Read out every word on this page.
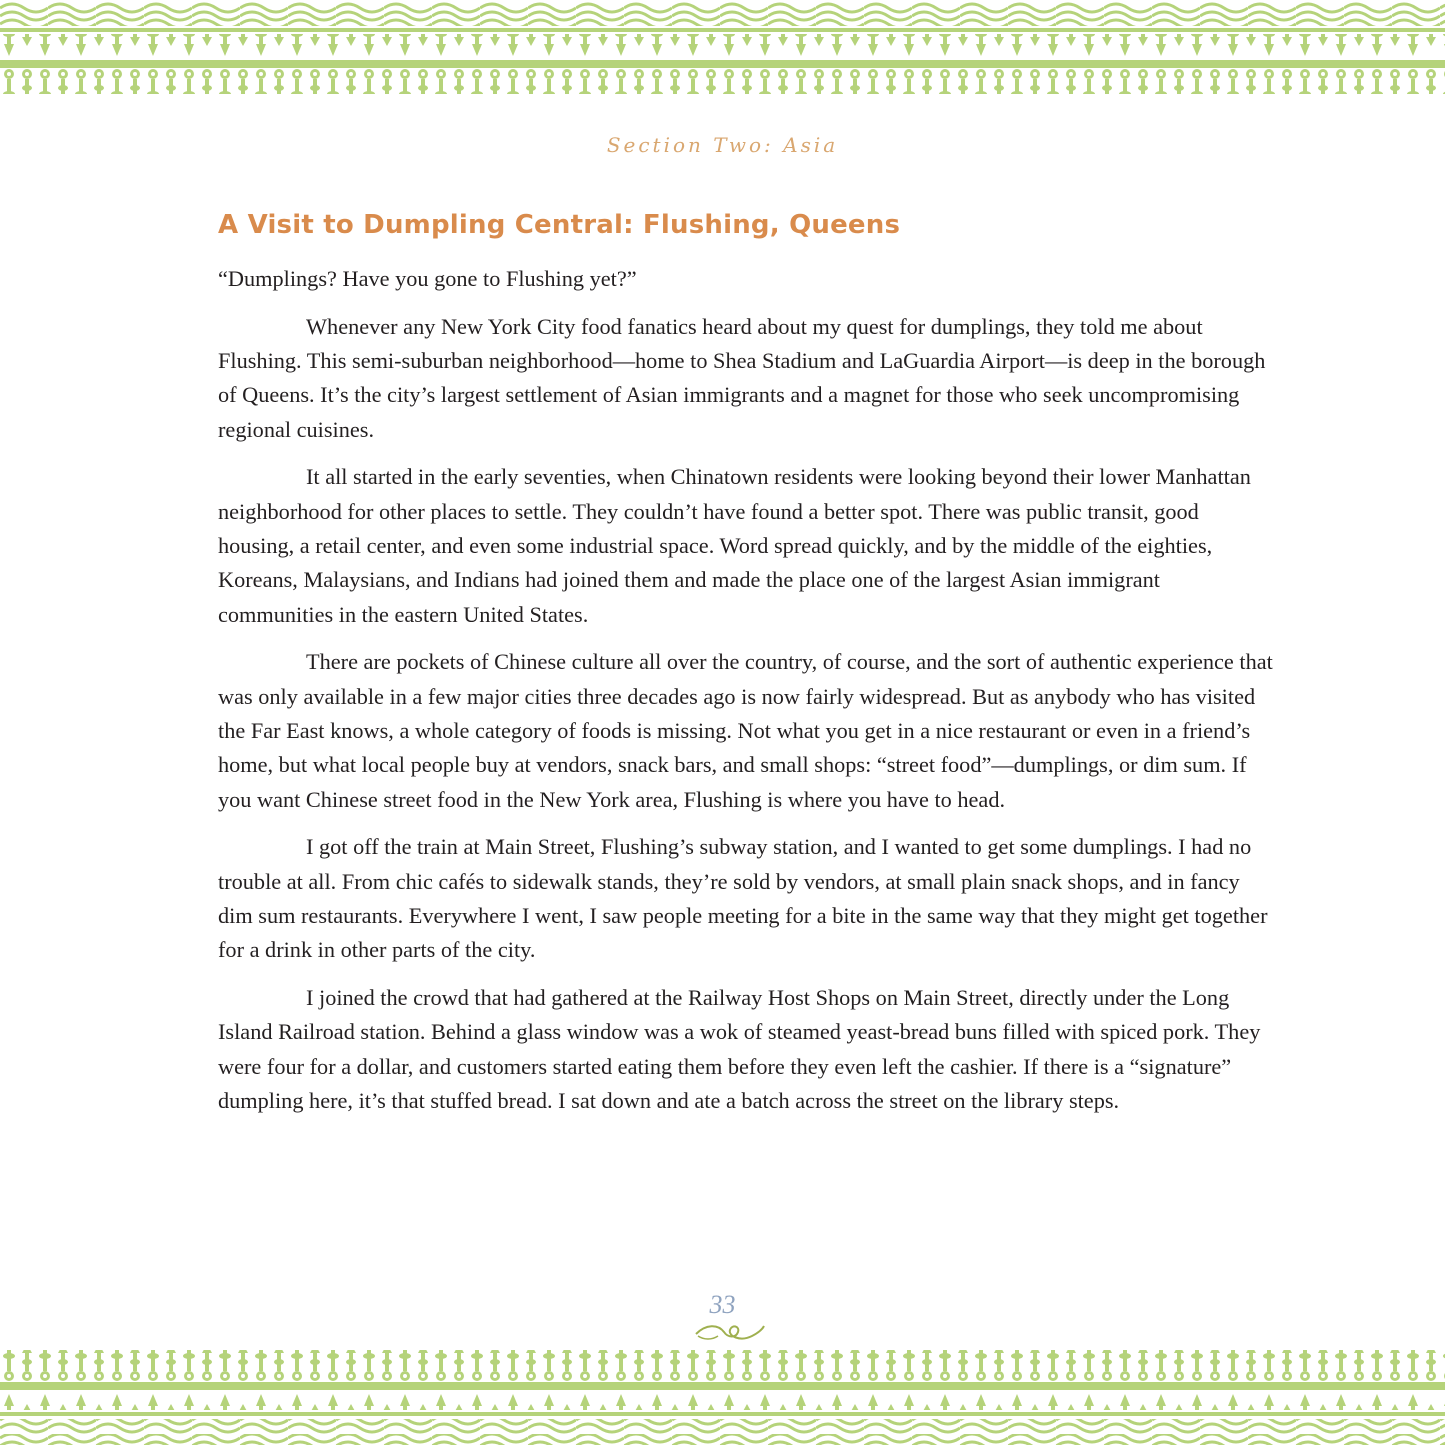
Section Two: Asia

A Visit to Dumpling Central: Flushing, Queens

“Dumplings? Have you gone to Flushing yet?”

Whenever any New York City food fanatics heard about my quest for dumplings, they told me about Flushing. This semi-suburban neighborhood—home to Shea Stadium and LaGuardia Airport—is deep in the borough of Queens. It’s the city’s largest settlement of Asian immigrants and a magnet for those who seek uncompromising regional cuisines.

It all started in the early seventies, when Chinatown residents were looking beyond their lower Manhattan neighborhood for other places to settle. They couldn’t have found a better spot. There was public transit, good housing, a retail center, and even some industrial space. Word spread quickly, and by the middle of the eighties, Koreans, Malaysians, and Indians had joined them and made the place one of the largest Asian immigrant communities in the eastern United States.

There are pockets of Chinese culture all over the country, of course, and the sort of authentic experience that was only available in a few major cities three decades ago is now fairly widespread. But as anybody who has visited the Far East knows, a whole category of foods is missing. Not what you get in a nice restaurant or even in a friend’s home, but what local people buy at vendors, snack bars, and small shops: “street food”—dumplings, or dim sum. If you want Chinese street food in the New York area, Flushing is where you have to head.

I got off the train at Main Street, Flushing’s subway station, and I wanted to get some dumplings. I had no trouble at all. From chic cafés to sidewalk stands, they’re sold by vendors, at small plain snack shops, and in fancy dim sum restaurants. Everywhere I went, I saw people meeting for a bite in the same way that they might get together for a drink in other parts of the city.

I joined the crowd that had gathered at the Railway Host Shops on Main Street, directly under the Long Island Railroad station. Behind a glass window was a wok of steamed yeast-bread buns filled with spiced pork. They were four for a dollar, and customers started eating them before they even left the cashier. If there is a “signature” dumpling here, it’s that stuffed bread. I sat down and ate a batch across the street on the library steps.

33
